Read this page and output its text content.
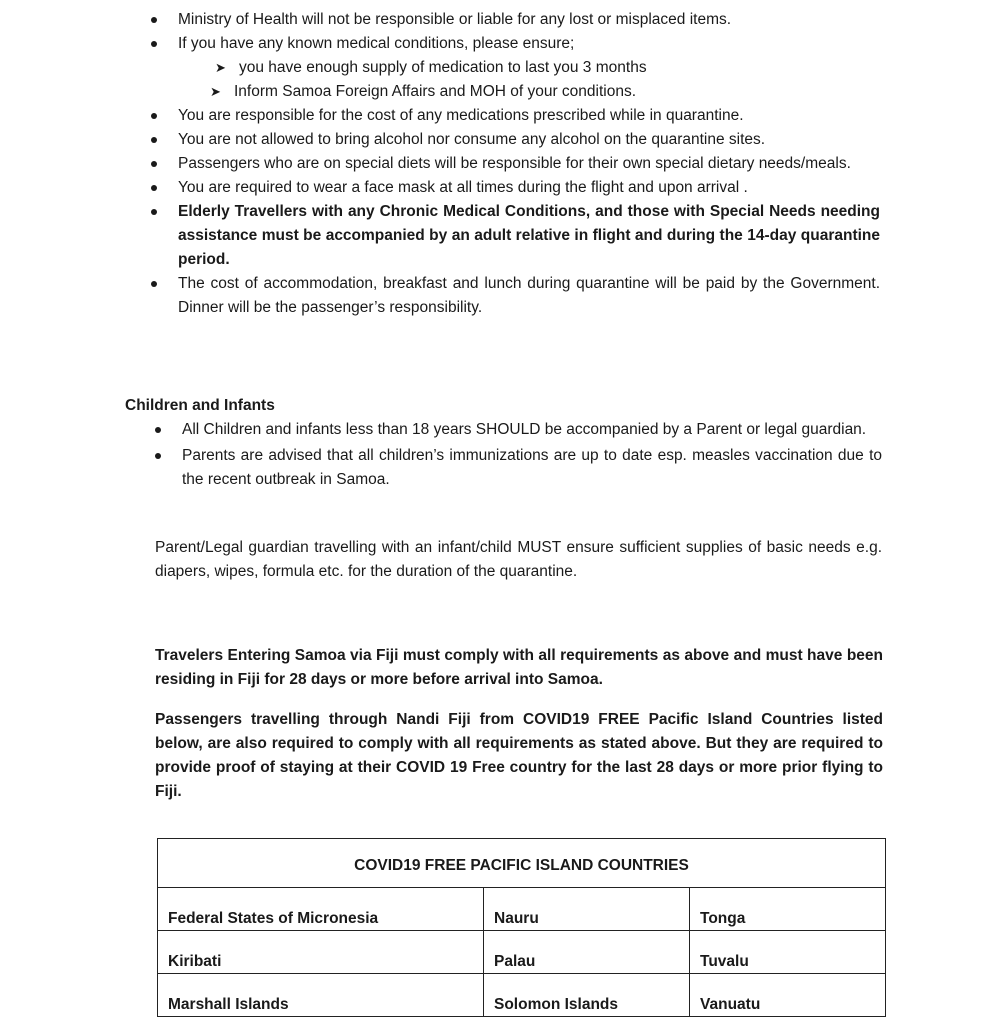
Ministry of Health will not be responsible or liable for any lost or misplaced items.
If you have any known medical conditions, please ensure;
➤ you have enough supply of medication to last you 3 months
➤ Inform Samoa Foreign Affairs and MOH of your conditions.
You are responsible for the cost of any medications prescribed while in quarantine.
You are not allowed to bring alcohol nor consume any alcohol on the quarantine sites.
Passengers who are on special diets will be responsible for their own special dietary needs/meals.
You are required to wear a face mask at all times during the flight and upon arrival .
Elderly Travellers with any Chronic Medical Conditions, and those with Special Needs needing assistance must be accompanied by an adult relative in flight and during the 14-day quarantine period.
The cost of accommodation, breakfast and lunch during quarantine will be paid by the Government. Dinner will be the passenger’s responsibility.
Children and Infants
All Children and infants less than 18 years SHOULD be accompanied by a Parent or legal guardian.
Parents are advised that all children’s immunizations are up to date esp. measles vaccination due to the recent outbreak in Samoa.
Parent/Legal guardian travelling with an infant/child MUST ensure sufficient supplies of basic needs e.g. diapers, wipes, formula etc. for the duration of the quarantine.
Travelers Entering Samoa via Fiji must comply with all requirements as above and must have been residing in Fiji for 28 days or more before arrival into Samoa.
Passengers travelling through Nandi Fiji from COVID19 FREE Pacific Island Countries listed below, are also required to comply with all requirements as stated above. But they are required to provide proof of staying at their COVID 19 Free country for the last 28 days or more prior flying to Fiji.
COVID19 FREE PACIFIC ISLAND COUNTRIES		
Federal States of Micronesia	Nauru	Tonga
Kiribati	Palau	Tuvalu
Marshall Islands	Solomon Islands	Vanuatu
